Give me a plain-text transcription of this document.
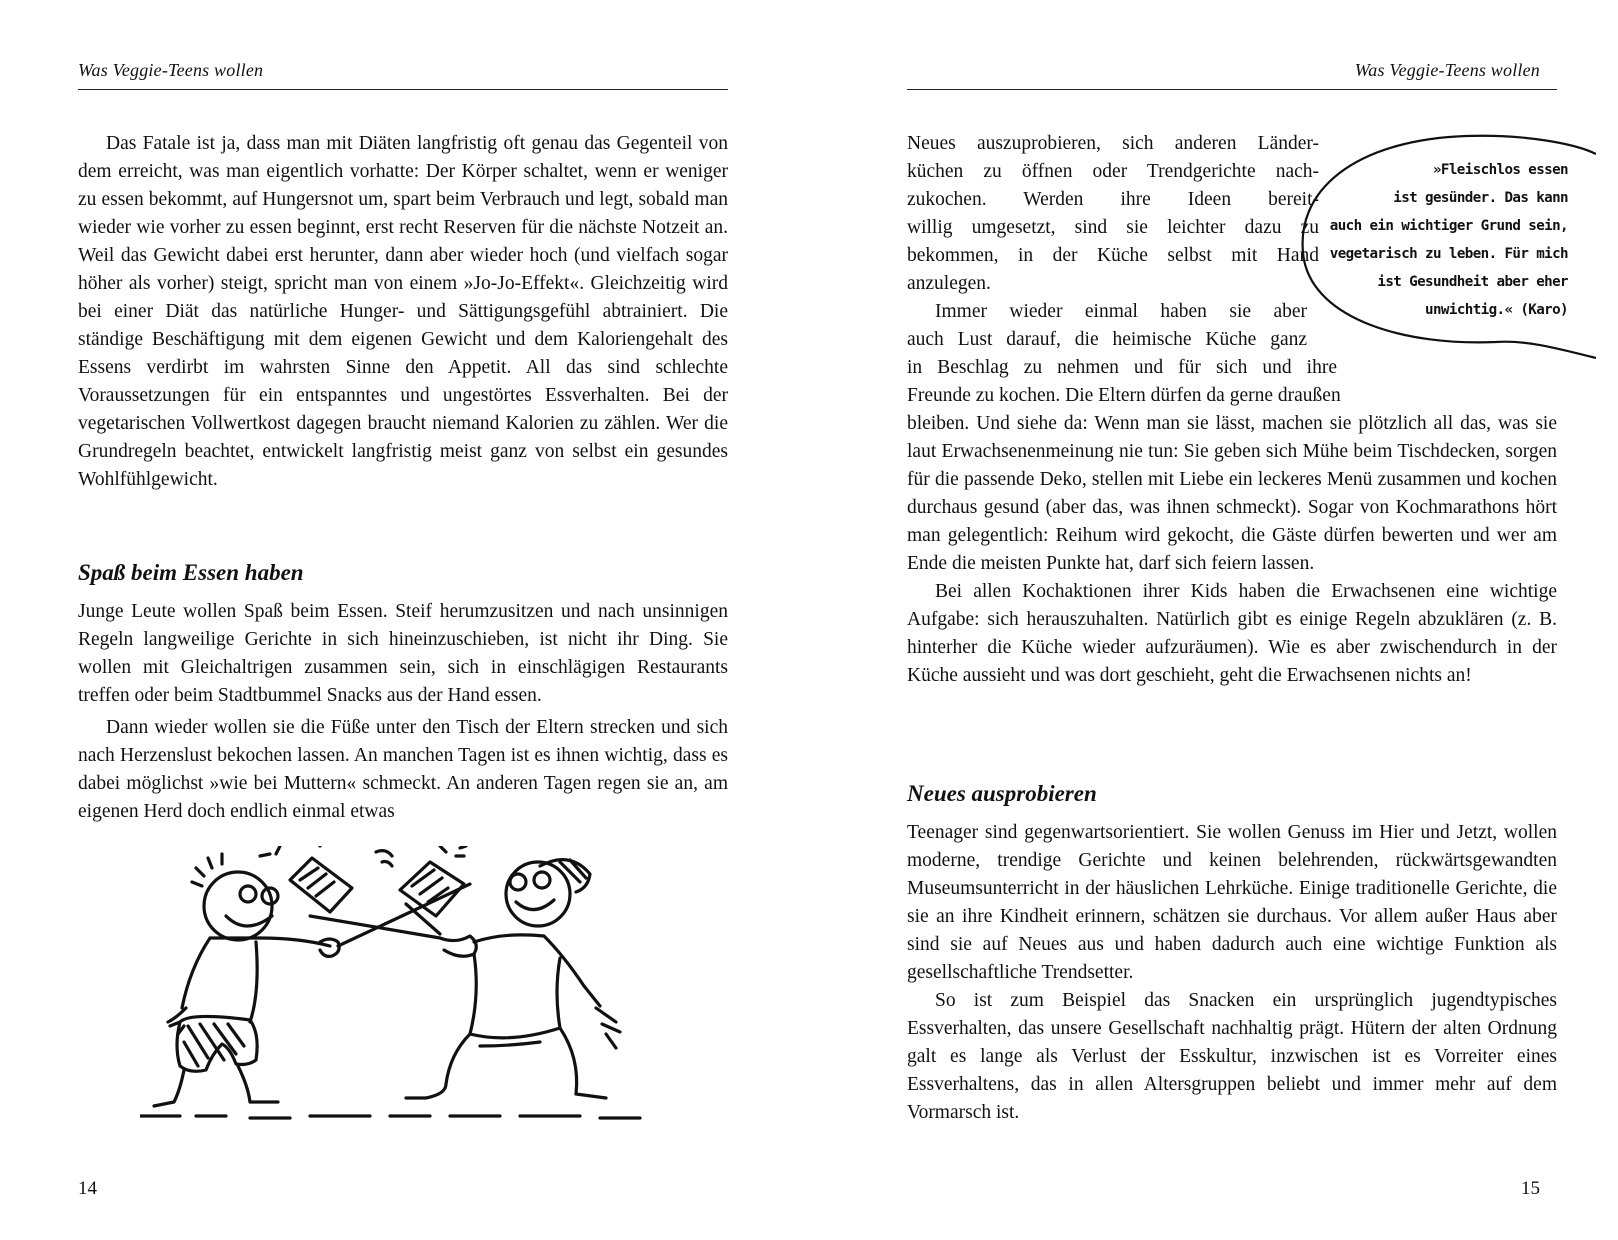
Was Veggie-Teens wollen

Das Fatale ist ja, dass man mit Diäten langfristig oft genau das Gegenteil von dem erreicht, was man eigentlich vorhatte: Der Körper schaltet, wenn er weniger zu essen bekommt, auf Hungersnot um, spart beim Verbrauch und legt, sobald man wieder wie vorher zu essen beginnt, erst recht Reserven für die nächste Notzeit an. Weil das Gewicht dabei erst herunter, dann aber wieder hoch (und vielfach sogar höher als vorher) steigt, spricht man von einem »Jo-Jo-Effekt«. Gleichzeitig wird bei einer Diät das natürliche Hunger- und Sättigungsgefühl abtrainiert. Die ständige Beschäftigung mit dem eigenen Gewicht und dem Kaloriengehalt des Essens verdirbt im wahrsten Sinne den Appetit. All das sind schlechte Voraussetzungen für ein entspanntes und ungestörtes Essverhalten. Bei der vegetarischen Vollwertkost dagegen braucht niemand Kalorien zu zählen. Wer die Grundregeln beachtet, entwickelt langfristig meist ganz von selbst ein gesundes Wohlfühlgewicht.

Spaß beim Essen haben

Junge Leute wollen Spaß beim Essen. Steif herumzusitzen und nach unsinnigen Regeln langweilige Gerichte in sich hineinzuschieben, ist nicht ihr Ding. Sie wollen mit Gleichaltrigen zusammen sein, sich in einschlägigen Restaurants treffen oder beim Stadtbummel Snacks aus der Hand essen.

Dann wieder wollen sie die Füße unter den Tisch der Eltern strecken und sich nach Herzenslust bekochen lassen. An manchen Tagen ist es ihnen wichtig, dass es dabei möglichst »wie bei Muttern« schmeckt. An anderen Tagen regen sie an, am eigenen Herd doch endlich einmal etwas

14
Was Veggie-Teens wollen

Neues auszuprobieren, sich anderen Länder-

küchen zu öffnen oder Trendgerichte nach-

zukochen. Werden ihre Ideen bereit-

willig umgesetzt, sind sie leichter dazu zu

bekommen, in der Küche selbst mit Hand

anzulegen.

Immer wieder einmal haben sie aber

auch Lust darauf, die heimische Küche ganz

in Beschlag zu nehmen und für sich und ihre

Freunde zu kochen. Die Eltern dürfen da gerne draußen

bleiben. Und siehe da: Wenn man sie lässt, machen sie plötzlich all das, was sie laut Erwachsenenmeinung nie tun: Sie geben sich Mühe beim Tischdecken, sorgen für die passende Deko, stellen mit Liebe ein leckeres Menü zusammen und kochen durchaus gesund (aber das, was ihnen schmeckt). Sogar von Kochmarathons hört man gelegentlich: Reihum wird gekocht, die Gäste dürfen bewerten und wer am Ende die meisten Punkte hat, darf sich feiern lassen.

Bei allen Kochaktionen ihrer Kids haben die Erwachsenen eine wichtige Aufgabe: sich herauszuhalten. Natürlich gibt es einige Regeln abzuklären (z. B. hinterher die Küche wieder aufzuräumen). Wie es aber zwischendurch in der Küche aussieht und was dort geschieht, geht die Erwachsenen nichts an!

Neues ausprobieren

Teenager sind gegenwartsorientiert. Sie wollen Genuss im Hier und Jetzt, wollen moderne, trendige Gerichte und keinen belehrenden, rückwärtsgewandten Museumsunterricht in der häuslichen Lehrküche. Einige traditionelle Gerichte, die sie an ihre Kindheit erinnern, schätzen sie durchaus. Vor allem außer Haus aber sind sie auf Neues aus und haben dadurch auch eine wichtige Funktion als gesellschaftliche Trendsetter.

So ist zum Beispiel das Snacken ein ursprünglich jugendtypisches Essverhalten, das unsere Gesellschaft nachhaltig prägt. Hütern der alten Ordnung galt es lange als Verlust der Esskultur, inzwischen ist es Vorreiter eines Essverhaltens, das in allen Altersgruppen beliebt und immer mehr auf dem Vormarsch ist.

15
»Fleischlos essen
ist gesünder. Das kann
auch ein wichtiger Grund sein,
vegetarisch zu leben. Für mich
ist Gesundheit aber eher
unwichtig.« (Karo)
